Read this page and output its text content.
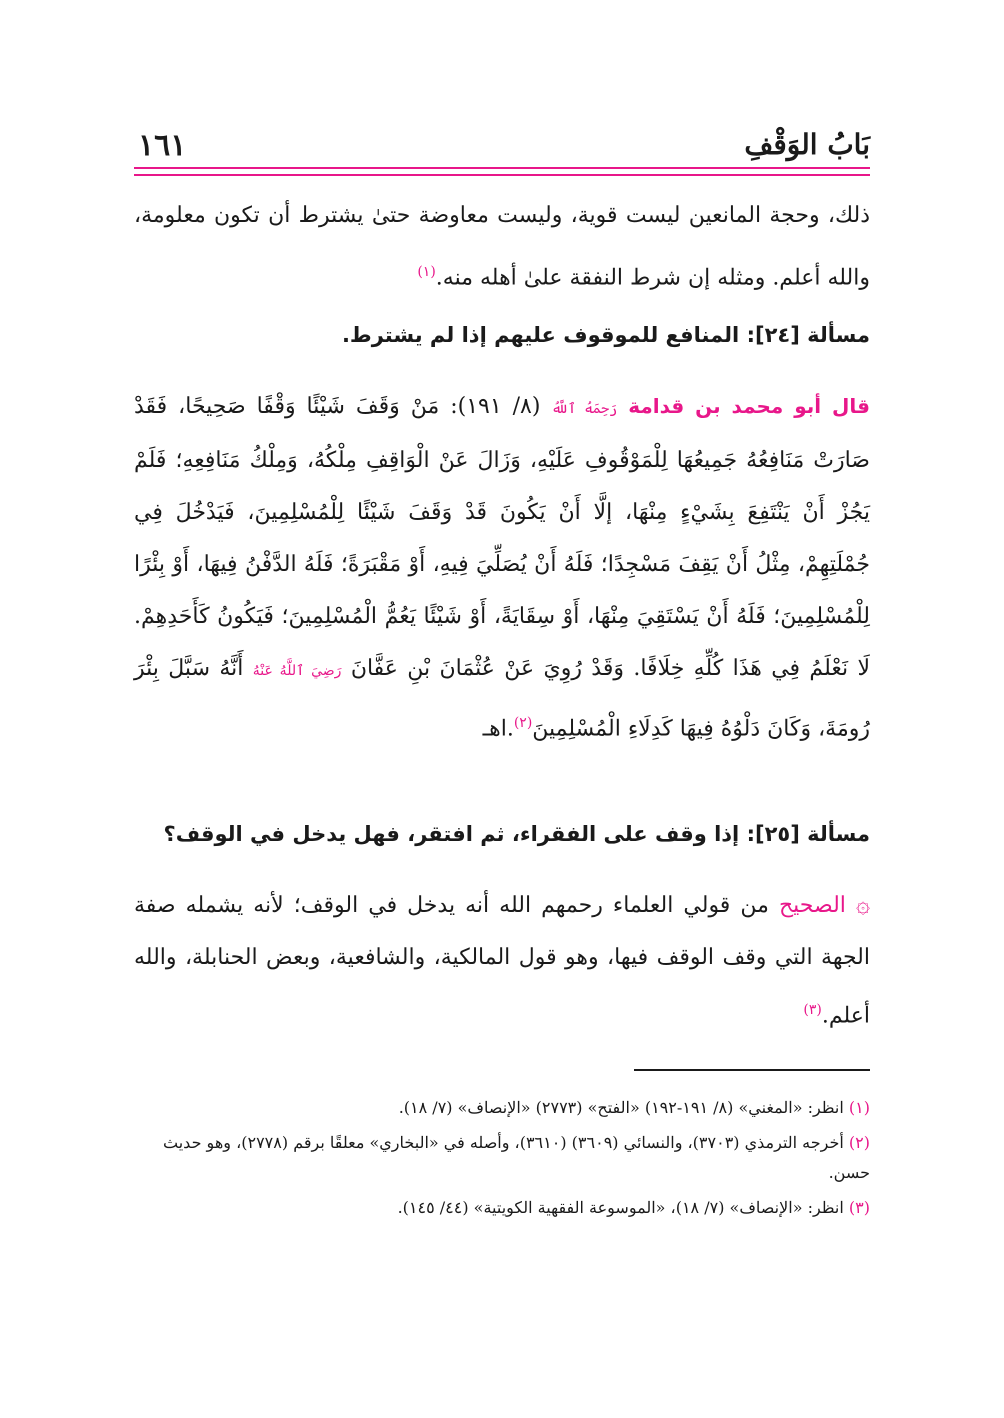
بَابُ الوَقْفِ
١٦١
ذلك، وحجة المانعين ليست قوية، وليست معاوضة حتىٰ يشترط أن تكون معلومة، والله أعلم. ومثله إن شرط النفقة علىٰ أهله منه.$^{(١)}$
مسألة [٢٤]: المنافع للموقوف عليهم إذا لم يشترط.
قال أبو محمد بن قدامة رَحِمَهُ ٱللَّهُ (٨/ ١٩١): مَنْ وَقَفَ شَيْئًا وَقْفًا صَحِيحًا، فَقَدْ صَارَتْ مَنَافِعُهُ جَمِيعُهَا لِلْمَوْقُوفِ عَلَيْهِ، وَزَالَ عَنْ الْوَاقِفِ مِلْكُهُ، وَمِلْكُ مَنَافِعِهِ؛ فَلَمْ يَجُزْ أَنْ يَنْتَفِعَ بِشَيْءٍ مِنْهَا، إلَّا أَنْ يَكُونَ قَدْ وَقَفَ شَيْئًا لِلْمُسْلِمِينَ، فَيَدْخُلَ فِي جُمْلَتِهِمْ، مِثْلُ أَنْ يَقِفَ مَسْجِدًا؛ فَلَهُ أَنْ يُصَلِّيَ فِيهِ، أَوْ مَقْبَرَةً؛ فَلَهُ الدَّفْنُ فِيهَا، أَوْ بِئْرًا لِلْمُسْلِمِينَ؛ فَلَهُ أَنْ يَسْتَقِيَ مِنْهَا، أَوْ سِقَايَةً، أَوْ شَيْئًا يَعُمُّ الْمُسْلِمِينَ؛ فَيَكُونُ كَأَحَدِهِمْ. لَا نَعْلَمُ فِي هَذَا كُلِّهِ خِلَافًا. وَقَدْ رُوِيَ عَنْ عُثْمَانَ بْنِ عَفَّانَ رَضِيَ ٱللَّهُ عَنْهُ أَنَّهُ سَبَّلَ بِئْرَ رُومَةَ، وَكَانَ دَلْوُهُ فِيهَا كَدِلَاءِ الْمُسْلِمِينَ$^{(٢)}$.اهـ
مسألة [٢٥]: إذا وقف على الفقراء، ثم افتقر، فهل يدخل في الوقف؟
۞ الصحيح من قولي العلماء رحمهم الله أنه يدخل في الوقف؛ لأنه يشمله صفة الجهة التي وقف الوقف فيها، وهو قول المالكية، والشافعية، وبعض الحنابلة، والله أعلم.$^{(٣)}$
(١) انظر: «المغني» (٨/ ١٩١-١٩٢) «الفتح» (٢٧٧٣) «الإنصاف» (٧/ ١٨).
(٢) أخرجه الترمذي (٣٧٠٣)، والنسائي (٣٦٠٩) (٣٦١٠)، وأصله في «البخاري» معلقًا برقم (٢٧٧٨)، وهو حديث حسن.
(٣) انظر: «الإنصاف» (٧/ ١٨)، «الموسوعة الفقهية الكويتية» (٤٤/ ١٤٥).
